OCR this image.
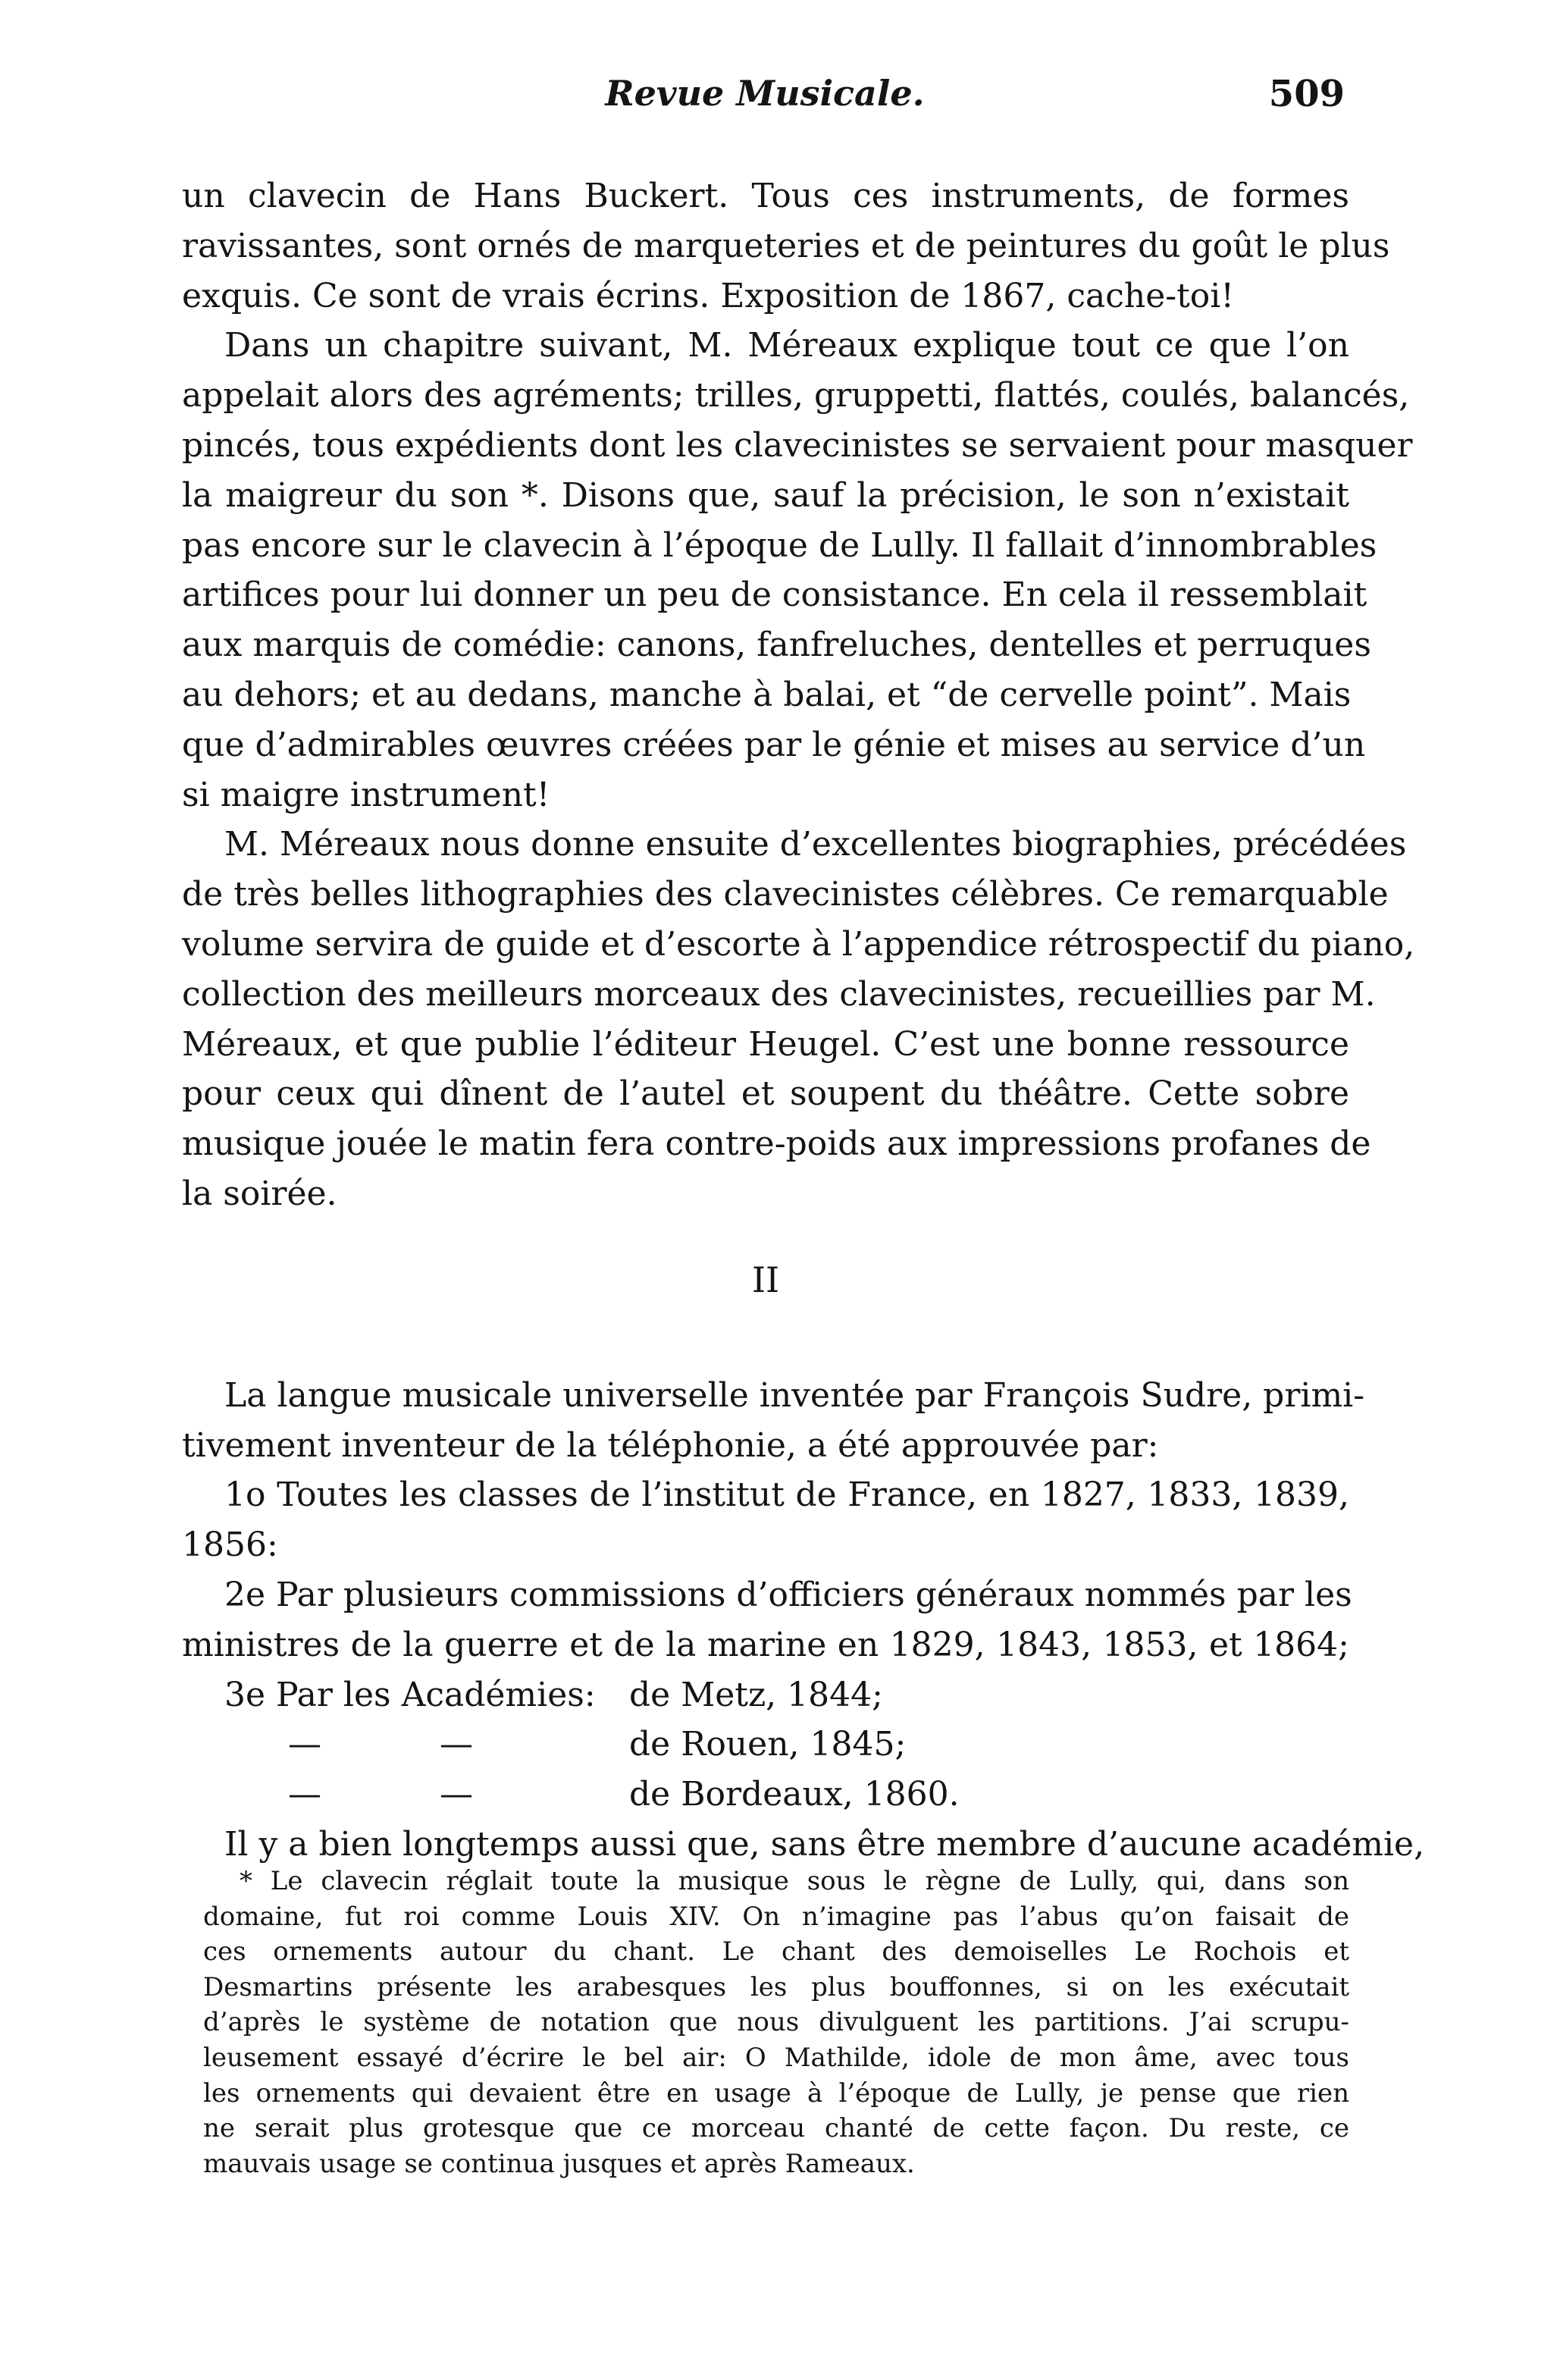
Revue Musicale.	509
un clavecin de Hans Buckert. Tous ces instruments, de formes
ravissantes, sont ornés de marqueteries et de peintures du goût le plus
exquis. Ce sont de vrais écrins. Exposition de 1867, cache-toi!
Dans un chapitre suivant, M. Méreaux explique tout ce que l’on
appelait alors des agréments; trilles, gruppetti, flattés, coulés, balancés,
pincés, tous expédients dont les clavecinistes se servaient pour masquer
la maigreur du son *. Disons que, sauf la précision, le son n’existait
pas encore sur le clavecin à l’époque de Lully. Il fallait d’innombrables
artifices pour lui donner un peu de consistance. En cela il ressemblait
aux marquis de comédie: canons, fanfreluches, dentelles et perruques
au dehors; et au dedans, manche à balai, et “de cervelle point”. Mais
que d’admirables œuvres créées par le génie et mises au service d’un
si maigre instrument!
M. Méreaux nous donne ensuite d’excellentes biographies, précédées
de très belles lithographies des clavecinistes célèbres. Ce remarquable
volume servira de guide et d’escorte à l’appendice rétrospectif du piano,
collection des meilleurs morceaux des clavecinistes, recueillies par M.
Méreaux, et que publie l’éditeur Heugel. C’est une bonne ressource
pour ceux qui dînent de l’autel et soupent du théâtre. Cette sobre
musique jouée le matin fera contre-poids aux impressions profanes de
la soirée.
II
La langue musicale universelle inventée par François Sudre, primi-
tivement inventeur de la téléphonie, a été approuvée par:
1o Toutes les classes de l’institut de France, en 1827, 1833, 1839,
1856:
2e Par plusieurs commissions d’officiers généraux nommés par les
ministres de la guerre et de la marine en 1829, 1843, 1853, et 1864;
3e Par les Académies: de Metz, 1844;
—	—	de Rouen, 1845;
—	—	de Bordeaux, 1860.
Il y a bien longtemps aussi que, sans être membre d’aucune académie,
* Le clavecin réglait toute la musique sous le règne de Lully, qui, dans son
domaine, fut roi comme Louis XIV. On n’imagine pas l’abus qu’on faisait de
ces ornements autour du chant. Le chant des demoiselles Le Rochois et
Desmartins présente les arabesques les plus bouffonnes, si on les exécutait
d’après le système de notation que nous divulguent les partitions. J’ai scrupu-
leusement essayé d’écrire le bel air: O Mathilde, idole de mon âme, avec tous
les ornements qui devaient être en usage à l’époque de Lully, je pense que rien
ne serait plus grotesque que ce morceau chanté de cette façon. Du reste, ce
mauvais usage se continua jusques et après Rameaux.
